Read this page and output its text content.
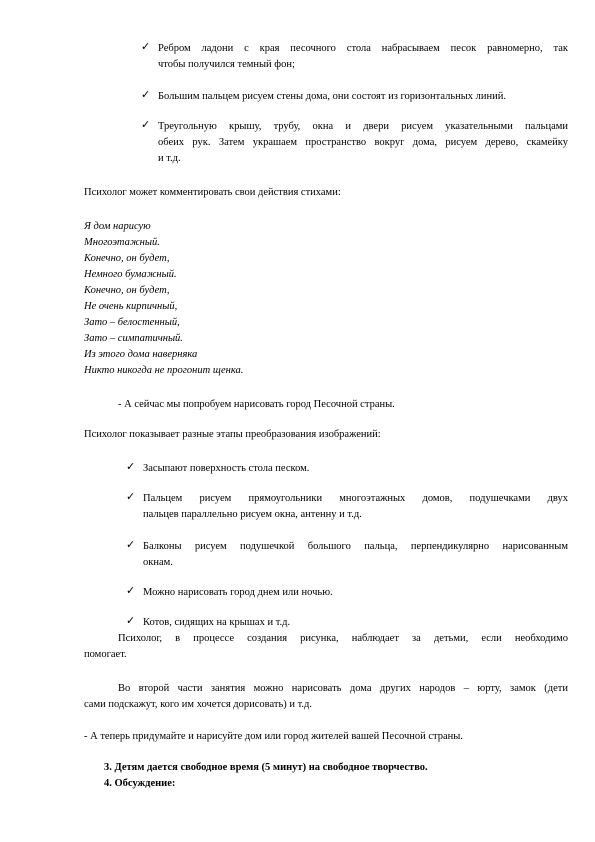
✓ Ребром ладони с края песочного стола набрасываем песок равномерно, так
чтобы получился темный фон;
✓ Большим пальцем рисуем стены дома, они состоят из горизонтальных линий.
✓ Треугольную крышу, трубу, окна и двери рисуем указательными пальцами
обеих рук. Затем украшаем пространство вокруг дома, рисуем дерево, скамейку
и т.д.
Психолог может комментировать свои действия стихами:
Я дом нарисую
Многоэтажный.
Конечно, он будет,
Немного бумажный.
Конечно, он будет,
Не очень кирпичный,
Зато – белостенный,
Зато – симпатичный.
Из этого дома наверняка
Никто никогда не прогонит щенка.
- А сейчас мы попробуем нарисовать город Песочной страны.
Психолог показывает разные этапы преобразования изображений:
✓ Засыпают поверхность стола песком.
✓ Пальцем рисуем прямоугольники многоэтажных домов, подушечками двух
пальцев параллельно рисуем окна, антенну и т.д.
✓ Балконы рисуем подушечкой большого пальца, перпендикулярно нарисованным
окнам.
✓ Можно нарисовать город днем или ночью.
✓ Котов, сидящих на крышах и т.д.
Психолог, в процессе создания рисунка, наблюдает за детьми, если необходимо
помогает.
Во второй части занятия можно нарисовать дома других народов – юрту, замок (дети
сами подскажут, кого им хочется дорисовать) и т.д.
- А теперь придумайте и нарисуйте дом или город жителей вашей Песочной страны.
3. Детям дается свободное время (5 минут) на свободное творчество.
4. Обсуждение:
